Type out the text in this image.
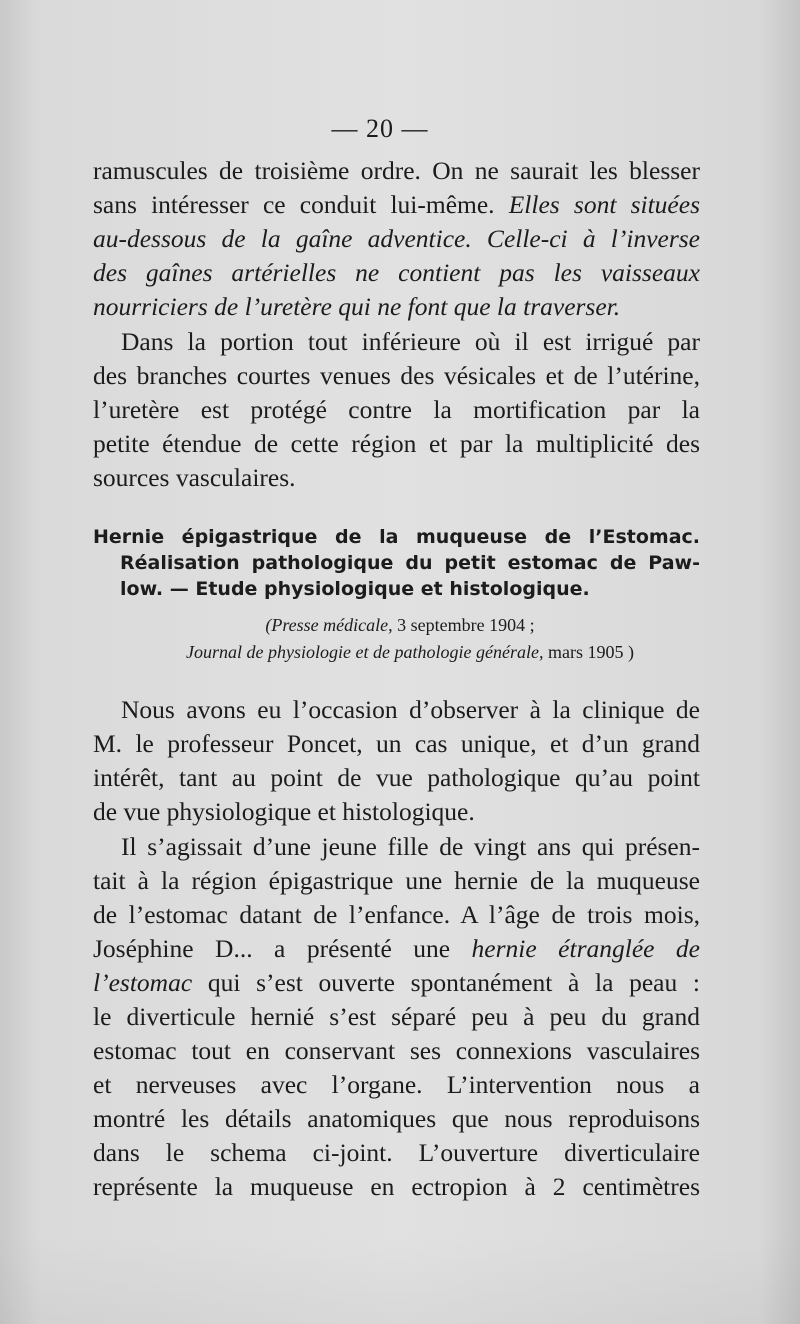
— 20 —
ramuscules de troisième ordre. On ne saurait les blesser
sans intéresser ce conduit lui-même. Elles sont situées
au-dessous de la gaîne adventice. Celle-ci à l’inverse
des gaînes artérielles ne contient pas les vaisseaux
nourriciers de l’uretère qui ne font que la traverser.
Dans la portion tout inférieure où il est irrigué par
des branches courtes venues des vésicales et de l’utérine,
l’uretère est protégé contre la mortification par la
petite étendue de cette région et par la multiplicité des
sources vasculaires.
Hernie épigastrique de la muqueuse de l’Estomac.
Réalisation pathologique du petit estomac de Paw-
low. — Etude physiologique et histologique.
(Presse médicale, 3 septembre 1904 ;
Journal de physiologie et de pathologie générale, mars 1905 )
Nous avons eu l’occasion d’observer à la clinique de
M. le professeur Poncet, un cas unique, et d’un grand
intérêt, tant au point de vue pathologique qu’au point
de vue physiologique et histologique.
Il s’agissait d’une jeune fille de vingt ans qui présen-
tait à la région épigastrique une hernie de la muqueuse
de l’estomac datant de l’enfance. A l’âge de trois mois,
Joséphine D... a présenté une hernie étranglée de
l’estomac qui s’est ouverte spontanément à la peau :
le diverticule hernié s’est séparé peu à peu du grand
estomac tout en conservant ses connexions vasculaires
et nerveuses avec l’organe. L’intervention nous a
montré les détails anatomiques que nous reproduisons
dans le schema ci-joint. L’ouverture diverticulaire
représente la muqueuse en ectropion à 2 centimètres
